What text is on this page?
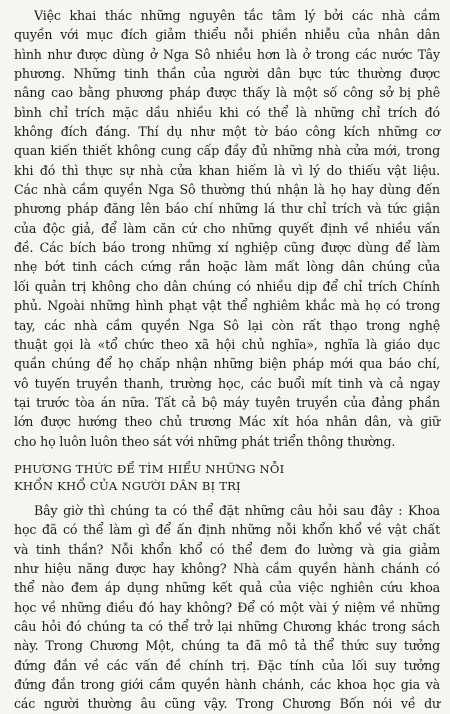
Việc khai thác những nguyên tắc tâm lý bởi các nhà cầm
quyền với mục đích giảm thiểu nỗi phiền nhiễu của nhân dân
hình như được dùng ở Nga Sô nhiều hơn là ở trong các nước Tây
phương. Những tinh thần của người dân bực tức thường được
nâng cao bằng phương pháp được thấy là một số công sở bị phê
bình chỉ trích mặc dầu nhiều khi có thể là những chỉ trích đó
không đích đáng. Thí dụ như một tờ báo công kích những cơ
quan kiến thiết không cung cấp đầy đủ những nhà cửa mới, trong
khi đó thì thực sự nhà cửa khan hiếm là vì lý do thiếu vật liệu.
Các nhà cầm quyền Nga Sô thường thú nhận là họ hay dùng đến
phương pháp đăng lên báo chí những lá thư chỉ trích và tức giận
của độc giả, để làm căn cứ cho những quyết định về nhiều vấn
đề. Các bích báo trong những xí nghiệp cũng được dùng để làm
nhẹ bớt tinh cách cứng rắn hoặc làm mất lòng dân chúng của
lối quản trị không cho dân chúng có nhiều dịp để chỉ trích Chính
phủ. Ngoài những hình phạt vật thể nghiêm khắc mà họ có trong
tay, các nhà cầm quyền Nga Sô lại còn rất thạo trong nghệ
thuật gọi là «tổ chức theo xã hội chủ nghĩa», nghĩa là giáo dục
quần chúng để họ chấp nhận những biện pháp mới qua báo chí,
vô tuyến truyền thanh, trường học, các buổi mít tinh và cả ngay
tại trước tòa án nữa. Tất cả bộ máy tuyên truyền của đảng phần
lớn được hướng theo chủ trương Mác xít hóa nhân dân, và giữ
cho họ luôn luôn theo sát với những phát triển thông thường.
PHƯƠNG THỨC ĐỂ TÌM HIỂU NHỮNG NỖI
KHỔN KHỔ CỦA NGƯỜI DÂN BỊ TRỊ
Bây giờ thì chúng ta có thể đặt những câu hỏi sau đây : Khoa
học đã có thể làm gì để ấn định những nỗi khổn khổ về vật chất
và tinh thần? Nỗi khổn khổ có thể đem đo lường và gia giảm
như hiệu năng được hay không? Nhà cầm quyền hành chánh có
thể nào đem áp dụng những kết quả của việc nghiên cứu khoa
học về những điều đó hay không? Để có một vài ý niệm về những
câu hỏi đó chúng ta có thể trở lại những Chương khác trong sách
này. Trong Chương Một, chúng ta đã mô tả thể thức suy tưởng
đứng đắn về các vấn đề chính trị. Đặc tính của lối suy tưởng
đứng đắn trong giới cầm quyền hành chánh, các khoa học gia và
các người thường âu cũng vậy. Trong Chương Bốn nói về dư
